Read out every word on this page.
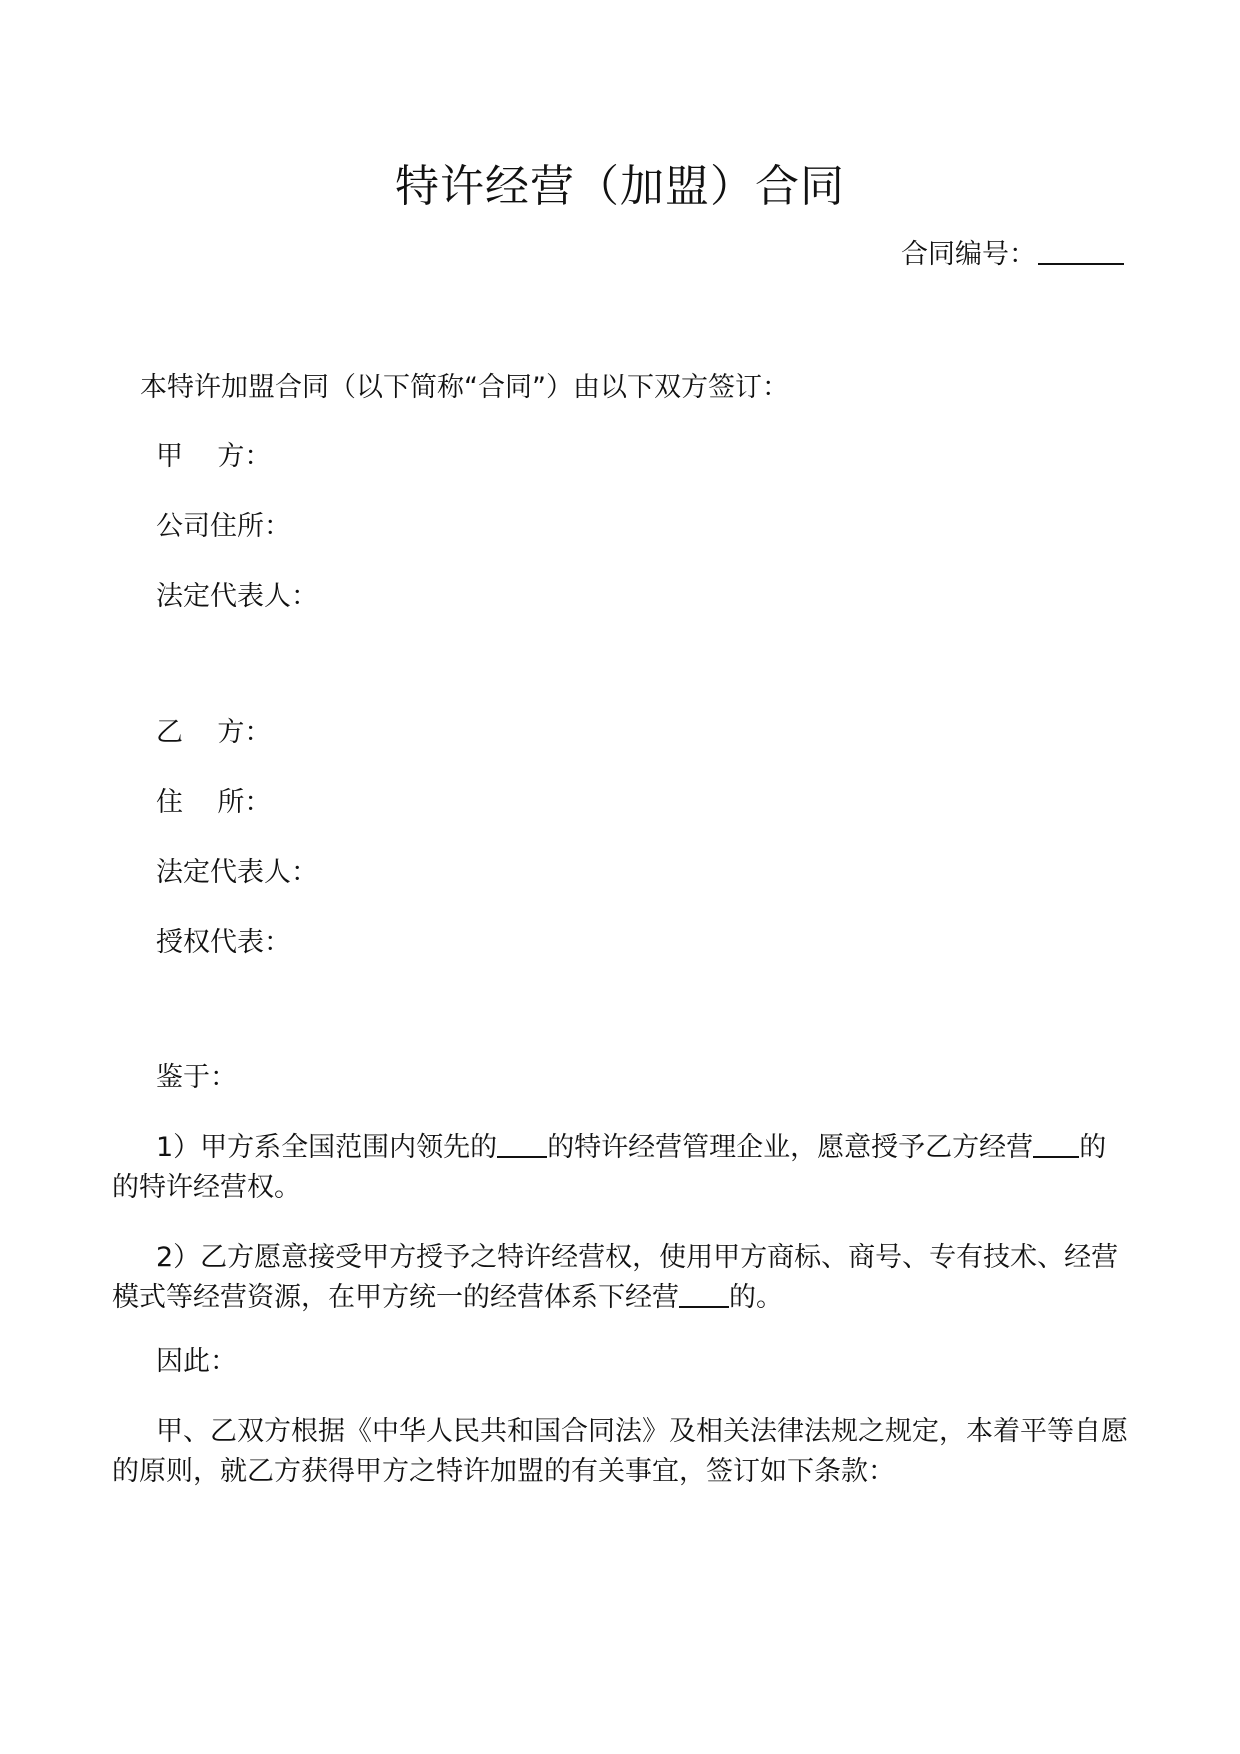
特许经营（加盟）合同
合同编号：

本特许加盟合同（以下简称“合同”）由以下双方签订：

甲    方：

公司住所：

法定代表人：

乙    方：

住    所：

法定代表人：

授权代表：

鉴于：

1）甲方系全国范围内领先的 的特许经营管理企业，愿意授予乙方经营 的的特许经营权。

2）乙方愿意接受甲方授予之特许经营权，使用甲方商标、商号、专有技术、经营模式等经营资源，在甲方统一的经营体系下经营 的。

因此：

甲、乙双方根据《中华人民共和国合同法》及相关法律法规之规定，本着平等自愿的原则，就乙方获得甲方之特许加盟的有关事宜，签订如下条款：
